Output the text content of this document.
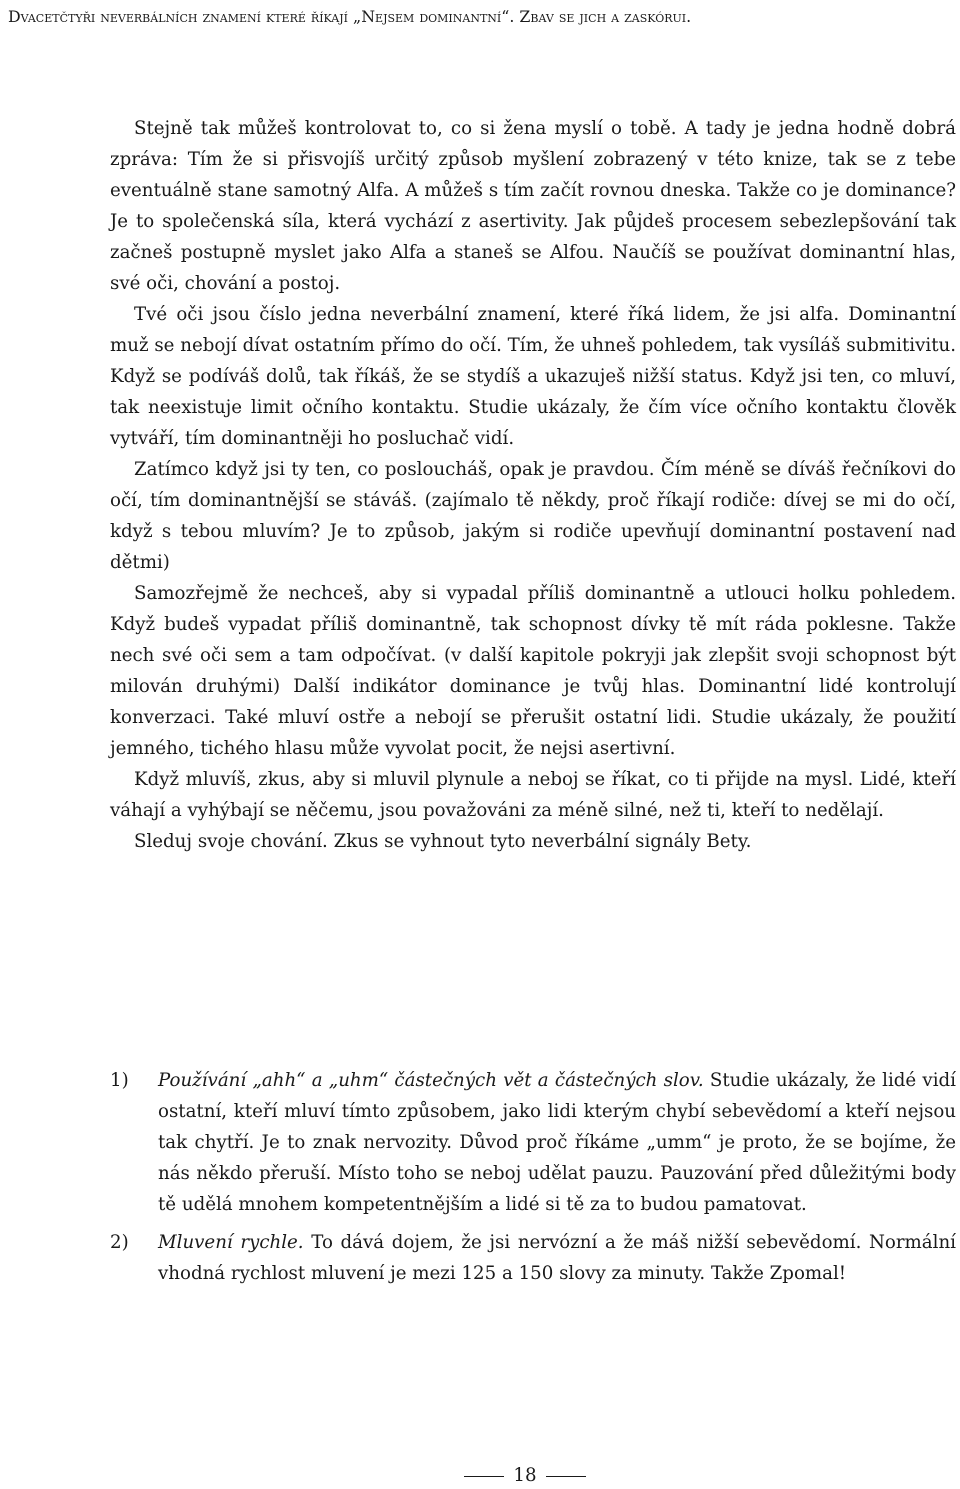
Dvacetčtyři neverbálních znamení které říkají „Nejsem dominantní“. Zbav se jich a zaskórui.

Stejně tak můžeš kontrolovat to, co si žena myslí o tobě. A tady je jedna hodně dobrá zpráva: Tím že si přisvojíš určitý způsob myšlení zobrazený v této knize, tak se z tebe eventuálně stane samotný Alfa. A můžeš s tím začít rovnou dneska. Takže co je dominance? Je to společenská síla, která vychází z asertivity. Jak půjdeš procesem sebezlepšování tak začneš postupně myslet jako Alfa a staneš se Alfou. Naučíš se používat dominantní hlas, své oči, chování a postoj.

Tvé oči jsou číslo jedna neverbální znamení, které říká lidem, že jsi alfa. Dominantní muž se nebojí dívat ostatním přímo do očí. Tím, že uhneš pohledem, tak vysíláš submitivitu. Když se podíváš dolů, tak říkáš, že se stydíš a ukazuješ nižší status. Když jsi ten, co mluví, tak neexistuje limit očního kontaktu. Studie ukázaly, že čím více očního kontaktu člověk vytváří, tím dominantněji ho posluchač vidí.

Zatímco když jsi ty ten, co posloucháš, opak je pravdou. Čím méně se díváš řečníkovi do očí, tím dominantnější se stáváš. (zajímalo tě někdy, proč říkají rodiče: dívej se mi do očí, když s tebou mluvím? Je to způsob, jakým si rodiče upevňují dominantní postavení nad dětmi)

Samozřejmě že nechceš, aby si vypadal příliš dominantně a utlouci holku pohledem. Když budeš vypadat příliš dominantně, tak schopnost dívky tě mít ráda poklesne. Takže nech své oči sem a tam odpočívat. (v další kapitole pokryji jak zlepšit svoji schopnost být milován druhými) Další indikátor dominance je tvůj hlas. Dominantní lidé kontrolují konverzaci. Také mluví ostře a nebojí se přerušit ostatní lidi. Studie ukázaly, že použití jemného, tichého hlasu může vyvolat pocit, že nejsi asertivní.

Když mluvíš, zkus, aby si mluvil plynule a neboj se říkat, co ti přijde na mysl. Lidé, kteří váhají a vyhýbají se něčemu, jsou považováni za méně silné, než ti, kteří to nedělají.

Sleduj svoje chování. Zkus se vyhnout tyto neverbální signály Bety.

1) Používání „ahh“ a „uhm“ částečných vět a částečných slov. Studie ukázaly, že lidé vidí ostatní, kteří mluví tímto způsobem, jako lidi kterým chybí sebevědomí a kteří nejsou tak chytří. Je to znak nervozity. Důvod proč říkáme „umm“ je proto, že se bojíme, že nás někdo přeruší. Místo toho se neboj udělat pauzu. Pauzování před důležitými body tě udělá mnohem kompetentnějším a lidé si tě za to budou pamatovat.
2) Mluvení rychle. To dává dojem, že jsi nervózní a že máš nižší sebevědomí. Normální vhodná rychlost mluvení je mezi 125 a 150 slovy za minuty. Takže Zpomal!
18
